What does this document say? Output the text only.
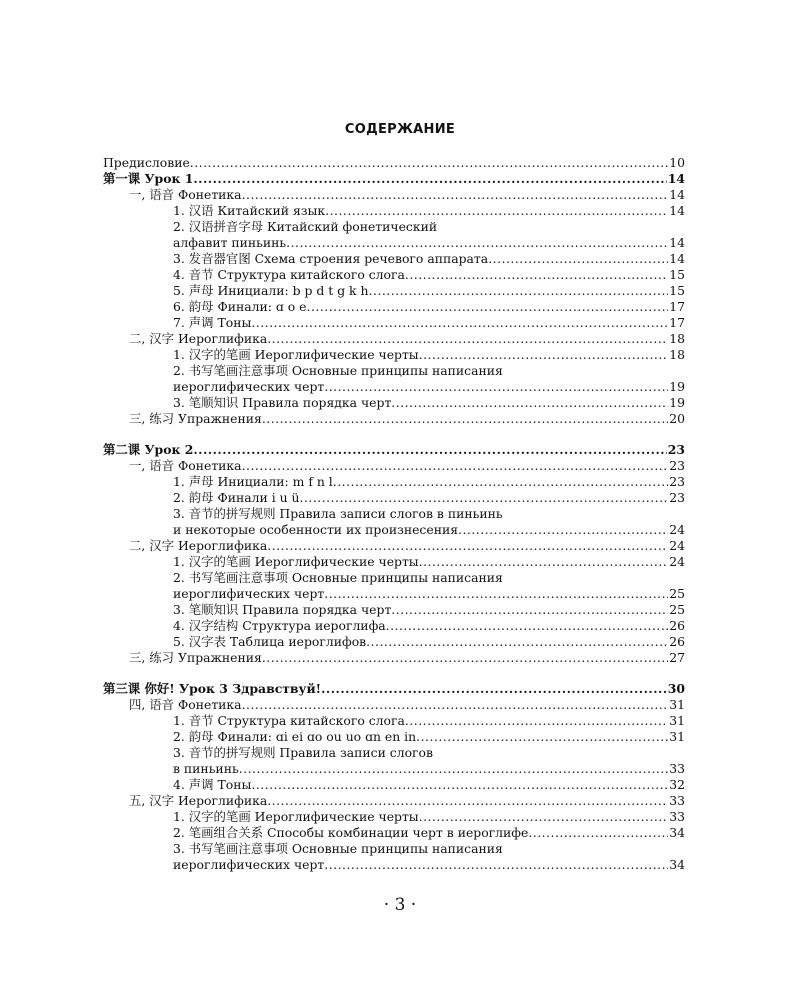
СОДЕРЖАНИЕ
Предисловие .....	10
第一课 Урок 1 .....	14
一, 语音 Фонетика .....	14
1. 汉语 Китайский язык .....	14
2. 汉语拼音字母 Китайский фонетический
алфавит пиньинь .....	14
3. 发音器官图 Схема строения речевого аппарата .....	14
4. 音节 Структура китайского слога .....	15
5. 声母 Инициали: b p d t g k h .....	15
6. 韵母 Финали: ɑ o e .....	17
7. 声调 Тоны .....	17
二, 汉字 Иероглифика .....	18
1. 汉字的笔画 Иероглифические черты .....	18
2. 书写笔画注意事项 Основные принципы написания
иероглифических черт .....	19
3. 笔顺知识 Правила порядка черт .....	19
三, 练习 Упражнения .....	20
第二课 Урок 2 .....	23
一, 语音 Фонетика .....	23
1. 声母 Инициали: m f n l .....	23
2. 韵母 Финали i u ü .....	23
3. 音节的拼写规则 Правила записи слогов в пиньинь
и некоторые особенности их произнесения .....	24
二, 汉字 Иероглифика .....	24
1. 汉字的笔画 Иероглифические черты .....	24
2. 书写笔画注意事项 Основные принципы написания
иероглифических черт .....	25
3. 笔顺知识 Правила порядка черт .....	25
4. 汉字结构 Структура иероглифа .....	26
5. 汉字表 Таблица иероглифов .....	26
三, 练习 Упражнения .....	27
第三课 你好! Урок 3 Здравствуй! .....	30
四, 语音 Фонетика .....	31
1. 音节 Структура китайского слога .....	31
2. 韵母 Финали: ɑi ei ɑo ou uo ɑn en in .....	31
3. 音节的拼写规则 Правила записи слогов
в пиньинь .....	33
4. 声调 Тоны .....	32
五, 汉字 Иероглифика .....	33
1. 汉字的笔画 Иероглифические черты .....	33
2. 笔画组合关系 Способы комбинации черт в иероглифе .....	34
3. 书写笔画注意事项 Основные принципы написания
иероглифических черт .....	34
· 3 ·
